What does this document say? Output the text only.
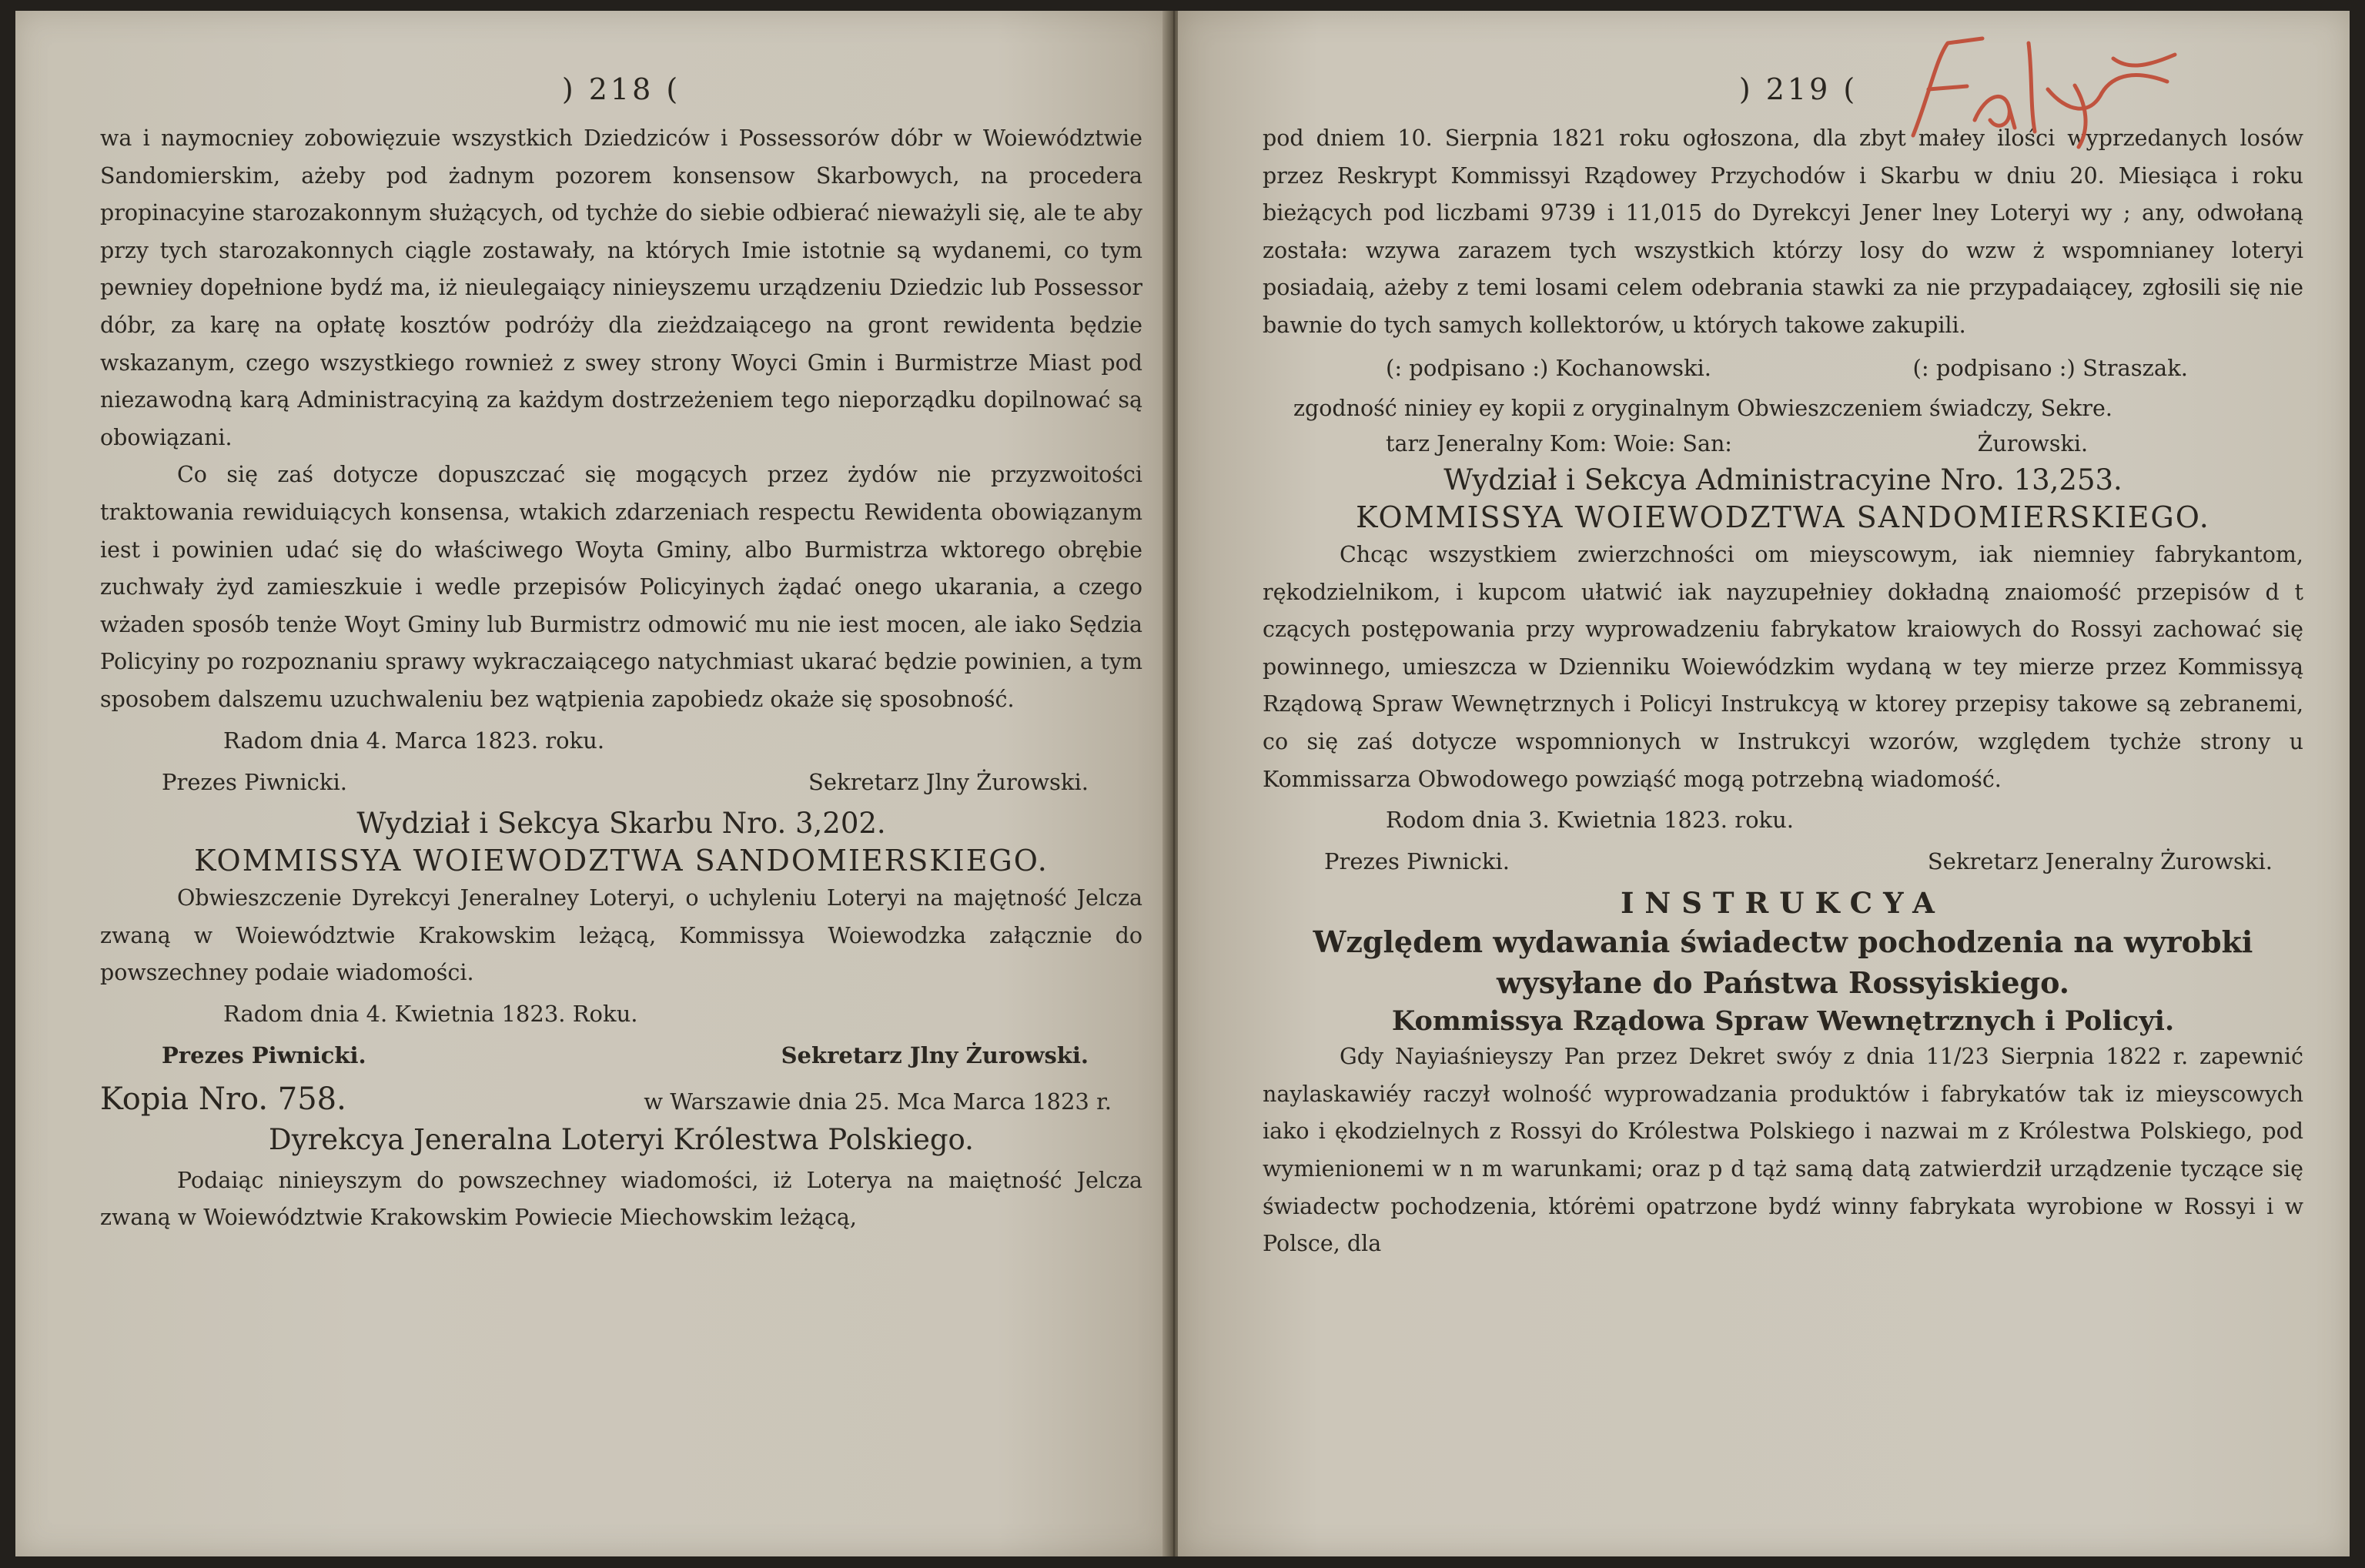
) 218 (

wa i naymocniey zobowięzuie wszystkich Dziedziców i Possessorów dóbr w Woiewództwie Sandomierskim, ażeby pod żadnym pozorem konsensow Skarbowych, na procedera propinacyine starozakonnym służących, od tychże do siebie odbierać nieważyli się, ale te aby przy tych starozakonnych ciągle zostawały, na których Imie istotnie są wydanemi, co tym pewniey dopełnione bydź ma, iż nieulegaiący ninieyszemu urządzeniu Dziedzic lub Possessor dóbr, za karę na opłatę kosztów podróży dla zieżdzaiącego na gront rewidenta będzie wskazanym, czego wszystkiego rownież z swey strony Woyci Gmin i Burmistrze Miast pod niezawodną karą Administracyiną za każdym dostrzeżeniem tego nieporządku dopilnować są obowiązani.

Co się zaś dotycze dopuszczać się mogących przez żydów nie przyzwoitości traktowania rewiduiących konsensa, wtakich zdarzeniach respectu Rewidenta obowiązanym iest i powinien udać się do właściwego Woyta Gminy, albo Burmistrza wktorego obrębie zuchwały żyd zamieszkuie i wedle przepisów Policyinych żądać onego ukarania, a czego wżaden sposób tenże Woyt Gminy lub Burmistrz odmowić mu nie iest mocen, ale iako Sędzia Policyiny po rozpoznaniu sprawy wykraczaiącego natychmiast ukarać będzie powinien, a tym sposobem dalszemu uzuchwaleniu bez wątpienia zapobiedz okaże się sposobność.

Radom dnia 4. Marca 1823. roku.
Prezes Piwnicki.	Sekretarz Jlny Żurowski.

Wydział i Sekcya Skarbu Nro. 3,202.

KOMMISSYA WOIEWODZTWA SANDOMIERSKIEGO.

Obwieszczenie Dyrekcyi Jeneralney Loteryi, o uchyleniu Loteryi na majętność Jelcza zwaną w Woiewództwie Krakowskim leżącą, Kommissya Woiewodzka załącznie do powszechney podaie wiadomości.

Radom dnia 4. Kwietnia 1823. Roku.
Prezes Piwnicki.	Sekretarz Jlny Żurowski.
Kopia Nro. 758.	w Warszawie dnia 25. Mca Marca 1823 r.
Dyrekcya Jeneralna Loteryi Królestwa Polskiego.

Podaiąc ninieyszym do powszechney wiadomości, iż Loterya na maiętność Jelcza zwaną w Woiewództwie Krakowskim Powiecie Miechowskim leżącą,

) 219 (

pod dniem 10. Sierpnia 1821 roku ogłoszona, dla zbyt małey ilości wyprzedanych losów przez Reskrypt Kommissyi Rządowey Przychodów i Skarbu w dniu 20. Miesiąca i roku bieżących pod liczbami 9739 i 11,015 do Dyrekcyi Jener lney Loteryi wy ; any, odwołaną została: wzywa zarazem tych wszystkich którzy losy do wzw ż wspomnianey loteryi posiadaią, ażeby z temi losami celem odebrania stawki za nie przypadaiącey, zgłosili się nie bawnie do tych samych kollektorów, u których takowe zakupili.

(: podpisano :) Kochanowski.	(: podpisano :) Straszak.

zgodność niniey ey kopii z oryginalnym Obwieszczeniem świadczy, Sekre.

tarz Jeneralny Kom: Woie: San:	Żurowski.

Wydział i Sekcya Administracyine Nro. 13,253.

KOMMISSYA WOIEWODZTWA SANDOMIERSKIEGO.

Chcąc wszystkiem zwierzchności om mieyscowym, iak niemniey fabrykantom, rękodzielnikom, i kupcom ułatwić iak nayzupełniey dokładną znaiomość przepisów d t czących postępowania przy wyprowadzeniu fabrykatow kraiowych do Rossyi zachować się powinnego, umieszcza w Dzienniku Woiewódzkim wydaną w tey mierze przez Kommissyą Rządową Spraw Wewnętrznych i Policyi Instrukcyą w ktorey przepisy takowe są zebranemi, co się zaś dotycze wspomnionych w Instrukcyi wzorów, względem tychże strony u Kommissarza Obwodowego powziąść mogą potrzebną wiadomość.

Rodom dnia 3. Kwietnia 1823. roku.
Prezes Piwnicki.	Sekretarz Jeneralny Żurowski.

INSTRUKCYA

Względem wydawania świadectw pochodzenia na wyrobki wysyłane do Państwa Rossyiskiego.

Kommissya Rządowa Spraw Wewnętrznych i Policyi.

Gdy Nayiaśnieyszy Pan przez Dekret swóy z dnia 11/23 Sierpnia 1822 r. zapewnić naylaskawiéy raczył wolność wyprowadzania produktów i fabrykatów tak iz mieyscowych iako i ękodzielnych z Rossyi do Królestwa Polskiego i nazwai m z Królestwa Polskiego, pod wymienionemi w n m warunkami; oraz p d tąż samą datą zatwierdził urządzenie tyczące się świadectw pochodzenia, którėmi opatrzone bydź winny fabrykata wyrobione w Rossyi i w Polsce, dla
